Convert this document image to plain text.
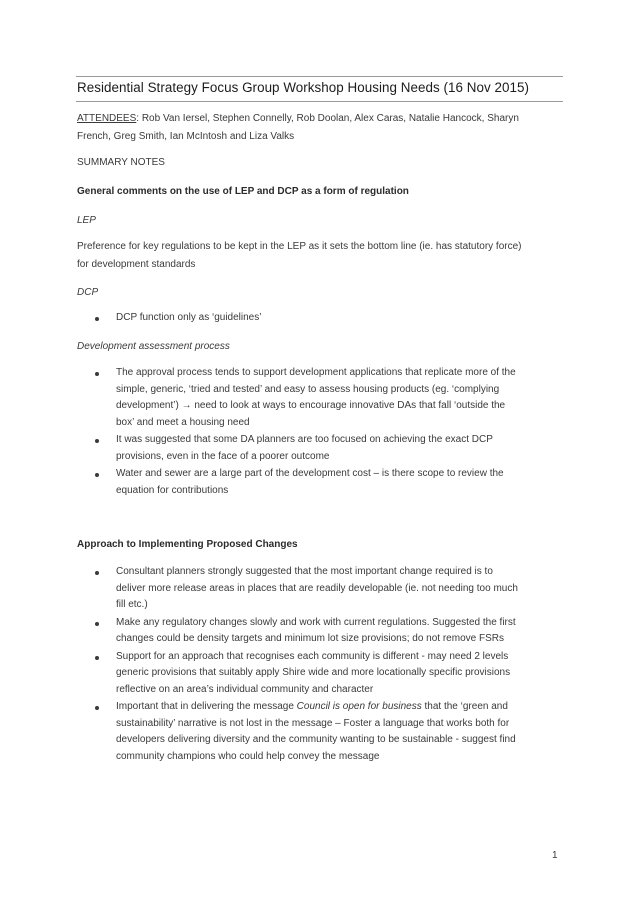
Residential Strategy Focus Group Workshop Housing Needs (16 Nov 2015)
ATTENDEES: Rob Van Iersel, Stephen Connelly, Rob Doolan, Alex Caras, Natalie Hancock, Sharyn
French, Greg Smith, Ian McIntosh and Liza Valks
SUMMARY NOTES
General comments on the use of LEP and DCP as a form of regulation
LEP
Preference for key regulations to be kept in the LEP as it sets the bottom line (ie. has statutory force)
for development standards
DCP
DCP function only as ‘guidelines’
Development assessment process
The approval process tends to support development applications that replicate more of the
simple, generic, ‘tried and tested’ and easy to assess housing products (eg. ‘complying
development’) → need to look at ways to encourage innovative DAs that fall ‘outside the
box’ and meet a housing need
It was suggested that some DA planners are too focused on achieving the exact DCP
provisions, even in the face of a poorer outcome
Water and sewer are a large part of the development cost – is there scope to review the
equation for contributions
Approach to Implementing Proposed Changes
Consultant planners strongly suggested that the most important change required is to
deliver more release areas in places that are readily developable (ie. not needing too much
fill etc.)
Make any regulatory changes slowly and work with current regulations. Suggested the first
changes could be density targets and minimum lot size provisions; do not remove FSRs
Support for an approach that recognises each community is different - may need 2 levels
generic provisions that suitably apply Shire wide and more locationally specific provisions
reflective on an area’s individual community and character
Important that in delivering the message Council is open for business that the ‘green and
sustainability’ narrative is not lost in the message – Foster a language that works both for
developers delivering diversity and the community wanting to be sustainable - suggest find
community champions who could help convey the message
1
